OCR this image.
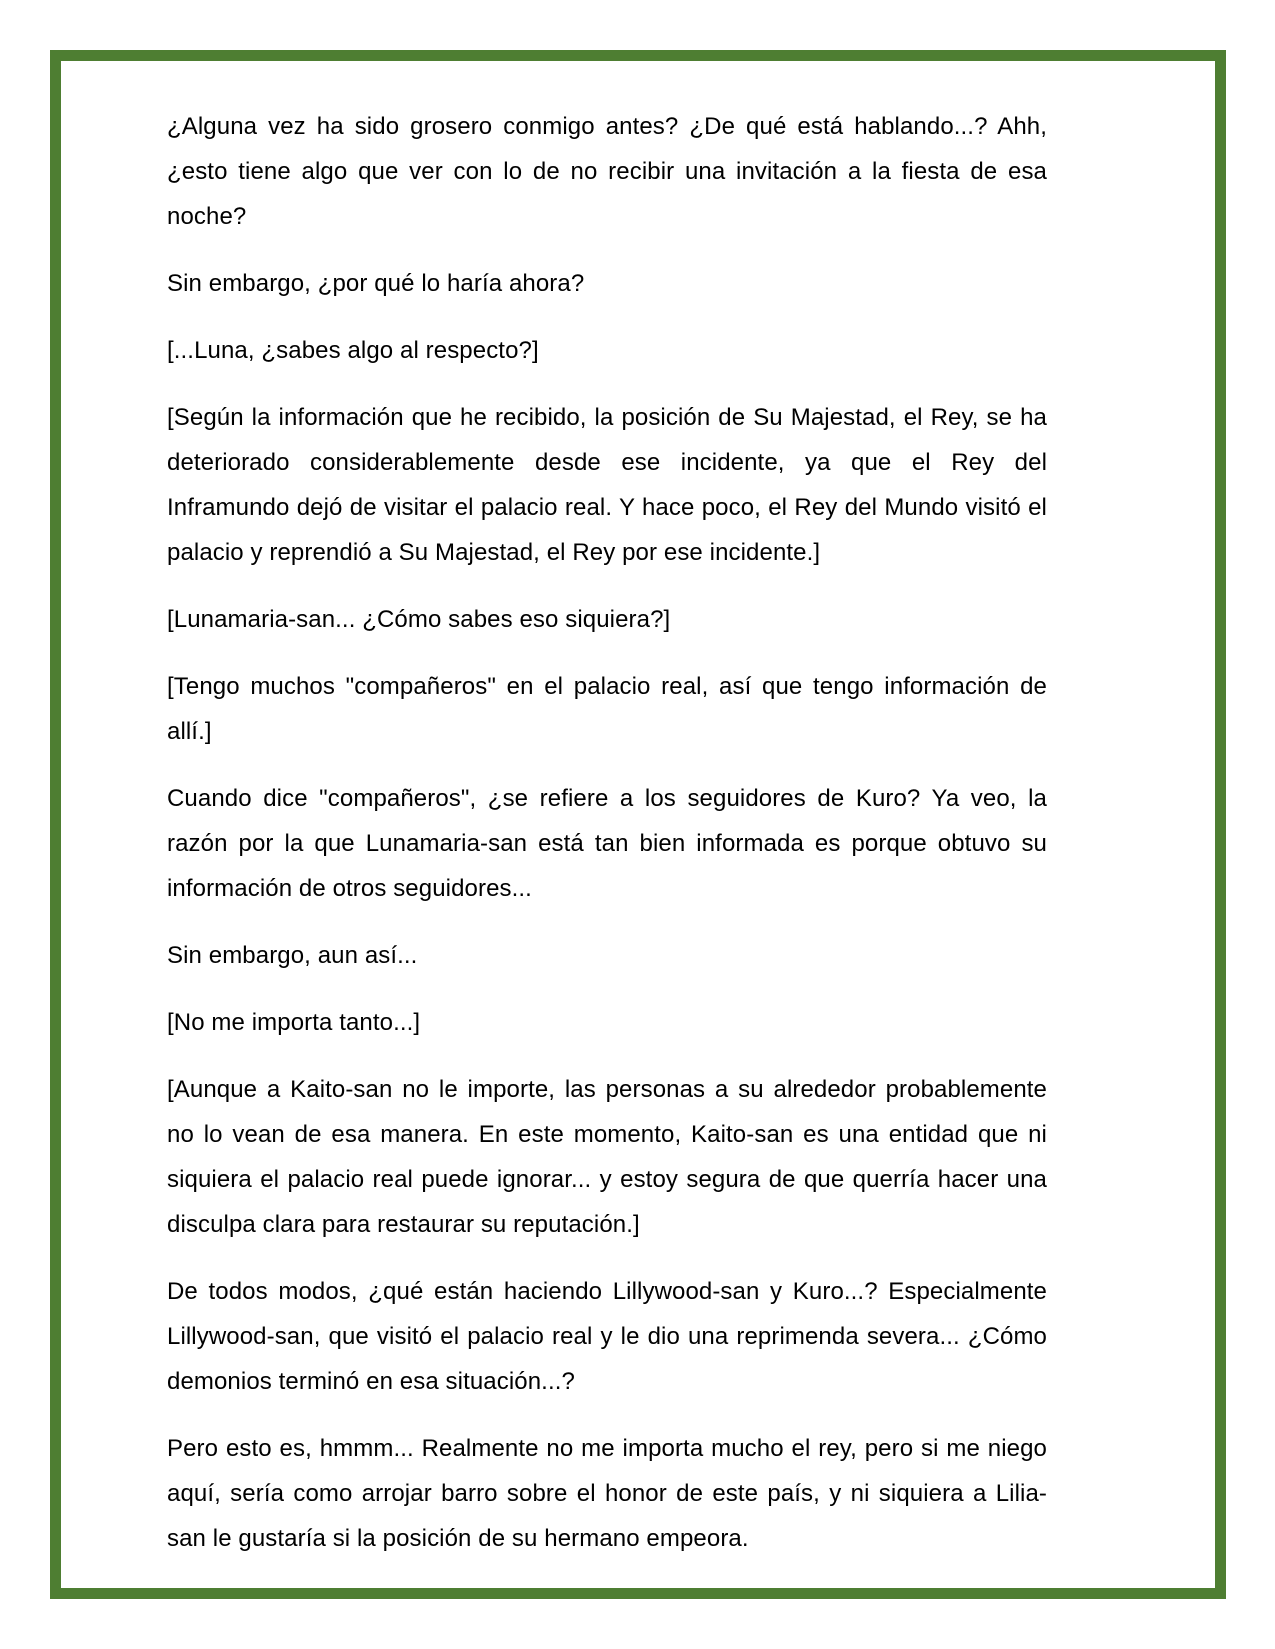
¿Alguna vez ha sido grosero conmigo antes? ¿De qué está hablando...? Ahh, ¿esto tiene algo que ver con lo de no recibir una invitación a la fiesta de esa noche?

Sin embargo, ¿por qué lo haría ahora?

[...Luna, ¿sabes algo al respecto?]

[Según la información que he recibido, la posición de Su Majestad, el Rey, se ha deteriorado considerablemente desde ese incidente, ya que el Rey del Inframundo dejó de visitar el palacio real. Y hace poco, el Rey del Mundo visitó el palacio y reprendió a Su Majestad, el Rey por ese incidente.]

[Lunamaria-san... ¿Cómo sabes eso siquiera?]

[Tengo muchos "compañeros" en el palacio real, así que tengo información de allí.]

Cuando dice "compañeros", ¿se refiere a los seguidores de Kuro? Ya veo, la razón por la que Lunamaria-san está tan bien informada es porque obtuvo su información de otros seguidores...

Sin embargo, aun así...

[No me importa tanto...]

[Aunque a Kaito-san no le importe, las personas a su alrededor probablemente no lo vean de esa manera. En este momento, Kaito-san es una entidad que ni siquiera el palacio real puede ignorar... y estoy segura de que querría hacer una disculpa clara para restaurar su reputación.]

De todos modos, ¿qué están haciendo Lillywood-san y Kuro...? Especialmente Lillywood-san, que visitó el palacio real y le dio una reprimenda severa... ¿Cómo demonios terminó en esa situación...?

Pero esto es, hmmm... Realmente no me importa mucho el rey, pero si me niego aquí, sería como arrojar barro sobre el honor de este país, y ni siquiera a Lilia-san le gustaría si la posición de su hermano empeora.
